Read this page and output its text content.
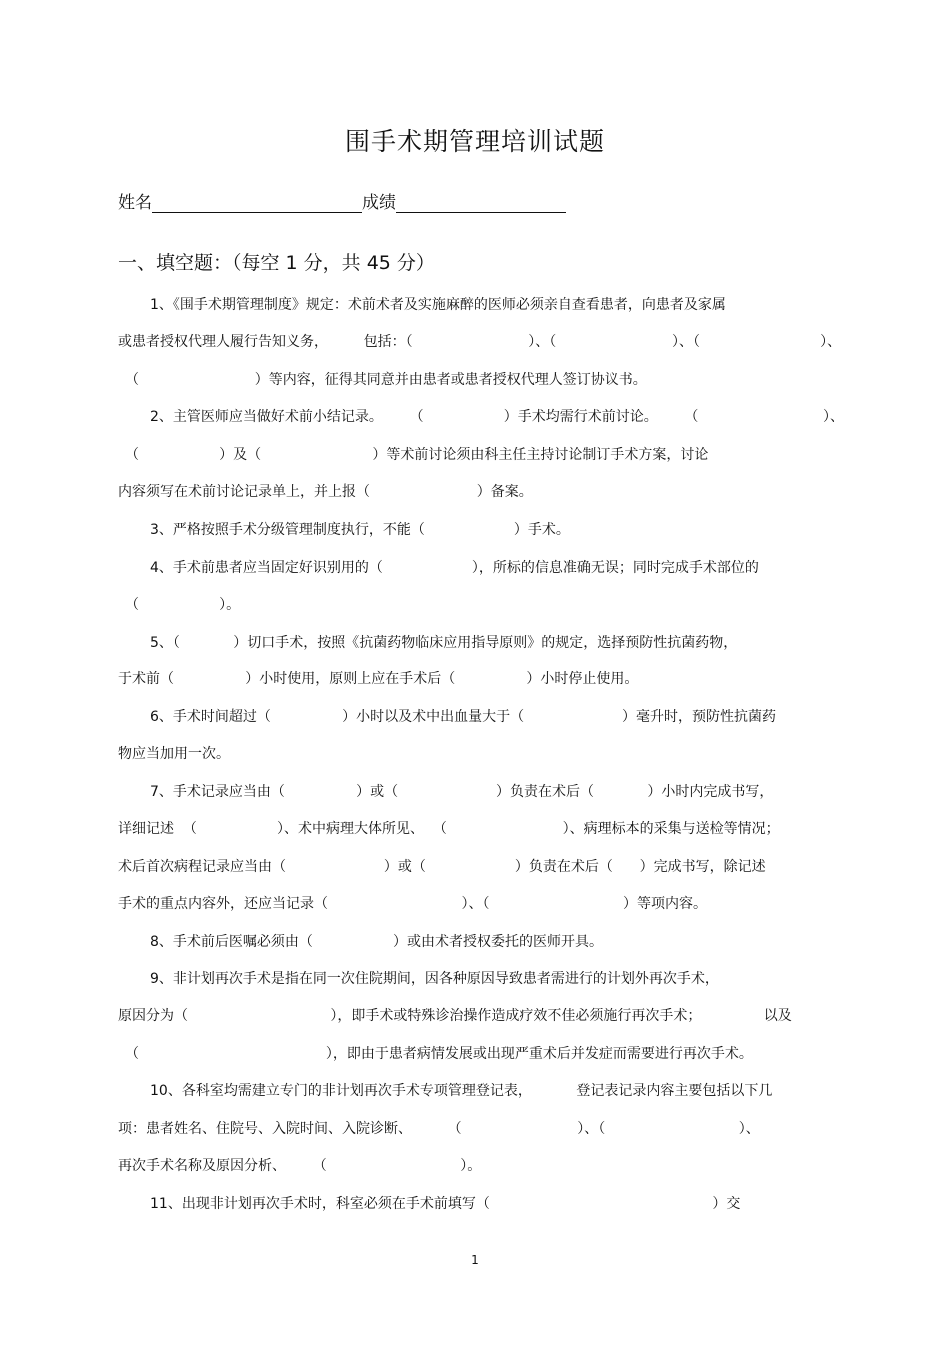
围手术期管理培训试题
姓名	成绩
一、填空题：（每空 1 分，共 45 分）
1、《围手术期管理制度》规定：术前术者及实施麻醉的医师必须亲自查看患者，向患者及家属
或患者授权代理人履行告知义务，        包括：（                          ）、（                          ）、（                           ）、
（                          ）等内容，征得其同意并由患者或患者授权代理人签订协议书。
2、主管医师应当做好术前小结记录。      （                  ）手术均需行术前讨论。      （                            ）、
（                  ）及（                         ）等术前讨论须由科主任主持讨论制订手术方案，讨论
内容须写在术前讨论记录单上，并上报（                        ）备案。
3、严格按照手术分级管理制度执行，不能（                    ）手术。
4、手术前患者应当固定好识别用的（                    ），所标的信息准确无误；同时完成手术部位的
（                  ）。
5、（            ）切口手术，按照《抗菌药物临床应用指导原则》的规定，选择预防性抗菌药物，
于术前（                ）小时使用，原则上应在手术后（                ）小时停止使用。
6、手术时间超过（                ）小时以及术中出血量大于（                      ）毫升时，预防性抗菌药
物应当加用一次。
7、手术记录应当由（                ）或（                      ）负责在术后（            ）小时内完成书写，
详细记述  （                  ）、术中病理大体所见、  （                          ）、病理标本的采集与送检等情况；
术后首次病程记录应当由（                      ）或（                    ）负责在术后（      ）完成书写，除记述
手术的重点内容外，还应当记录（                              ）、（                              ）等项内容。
8、手术前后医嘱必须由（                  ）或由术者授权委托的医师开具。
9、非计划再次手术是指在同一次住院期间，因各种原因导致患者需进行的计划外再次手术，
原因分为（                                ），即手术或特殊诊治操作造成疗效不佳必须施行再次手术；              以及
（                                          ），即由于患者病情发展或出现严重术后并发症而需要进行再次手术。
10、各科室均需建立专门的非计划再次手术专项管理登记表，          登记表记录内容主要包括以下几
项：患者姓名、住院号、入院时间、入院诊断、        （                          ）、（                              ）、
再次手术名称及原因分析、      （                              ）。
11、出现非计划再次手术时，科室必须在手术前填写（                                                  ）交
1
